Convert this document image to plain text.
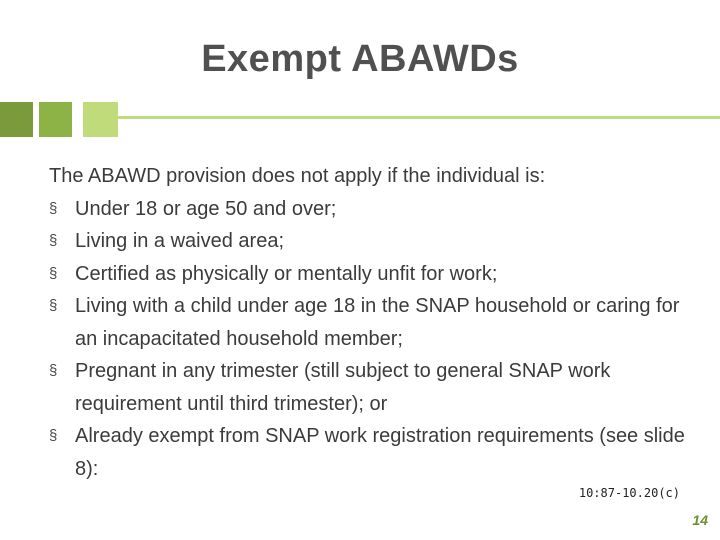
Exempt ABAWDs

The ABAWD provision does not apply if the individual is:

§ Under 18 or age 50 and over;
§ Living in a waived area;
§ Certified as physically or mentally unfit for work;
§ Living with a child under age 18 in the SNAP household or caring for an incapacitated household member;
§ Pregnant in any trimester (still subject to general SNAP work requirement until third trimester); or
§ Already exempt from SNAP work registration requirements (see slide 8):
10:87-10.20(c)
14
